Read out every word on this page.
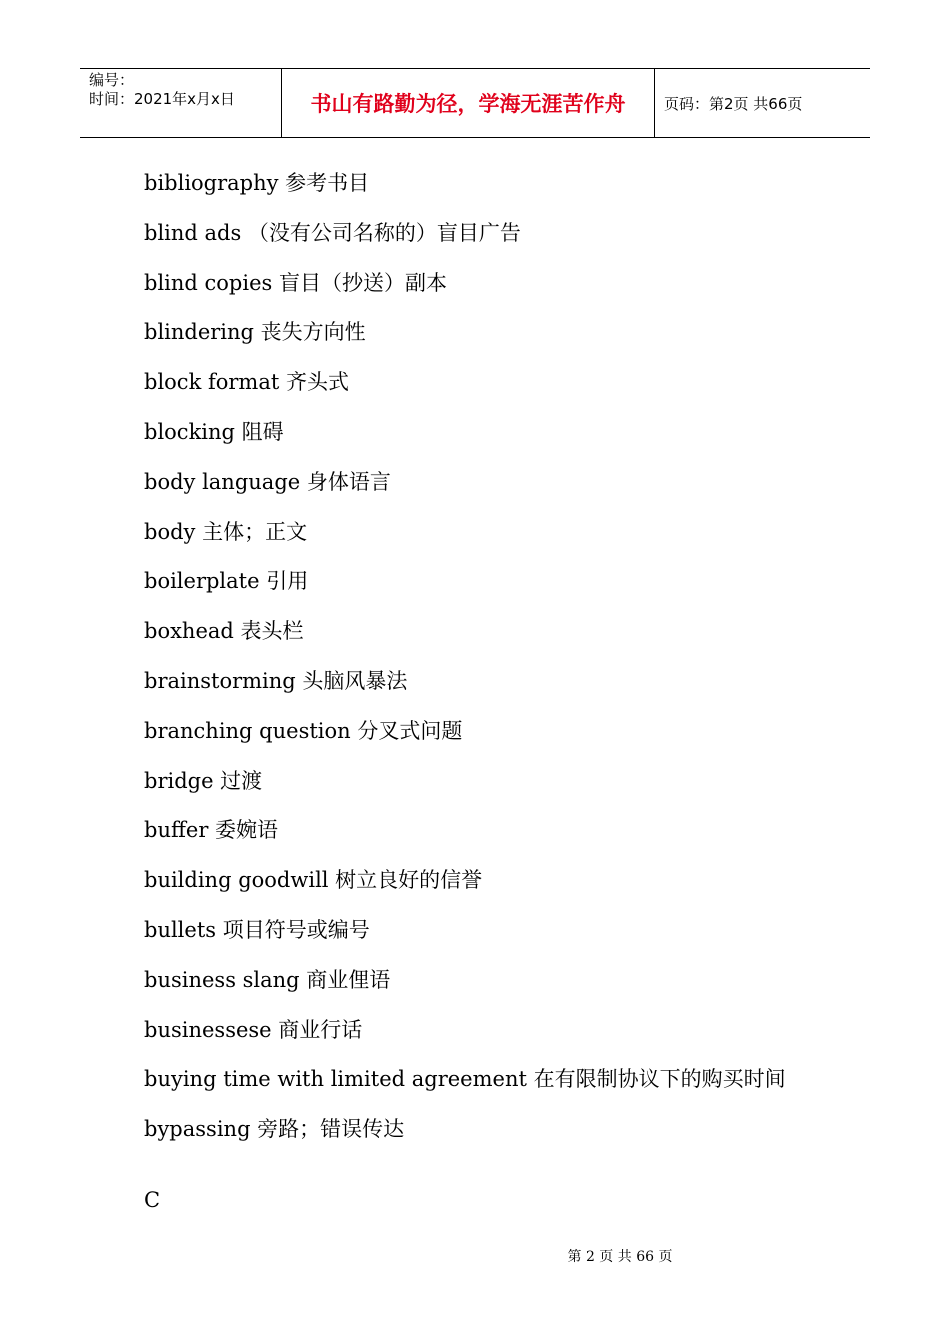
编号：
时间：2021年x月x日	书山有路勤为径，学海无涯苦作舟	页码：第2页 共66页
bibliography 参考书目
blind ads （没有公司名称的）盲目广告
blind copies 盲目（抄送）副本
blindering 丧失方向性
block format 齐头式
blocking 阻碍
body language 身体语言
body 主体；正文
boilerplate 引用
boxhead 表头栏
brainstorming 头脑风暴法
branching question 分叉式问题
bridge 过渡
buffer 委婉语
building goodwill 树立良好的信誉
bullets 项目符号或编号
business slang 商业俚语
businessese 商业行话
buying time with limited agreement 在有限制协议下的购买时间
bypassing 旁路；错误传达
C
第 2 页 共 66 页
